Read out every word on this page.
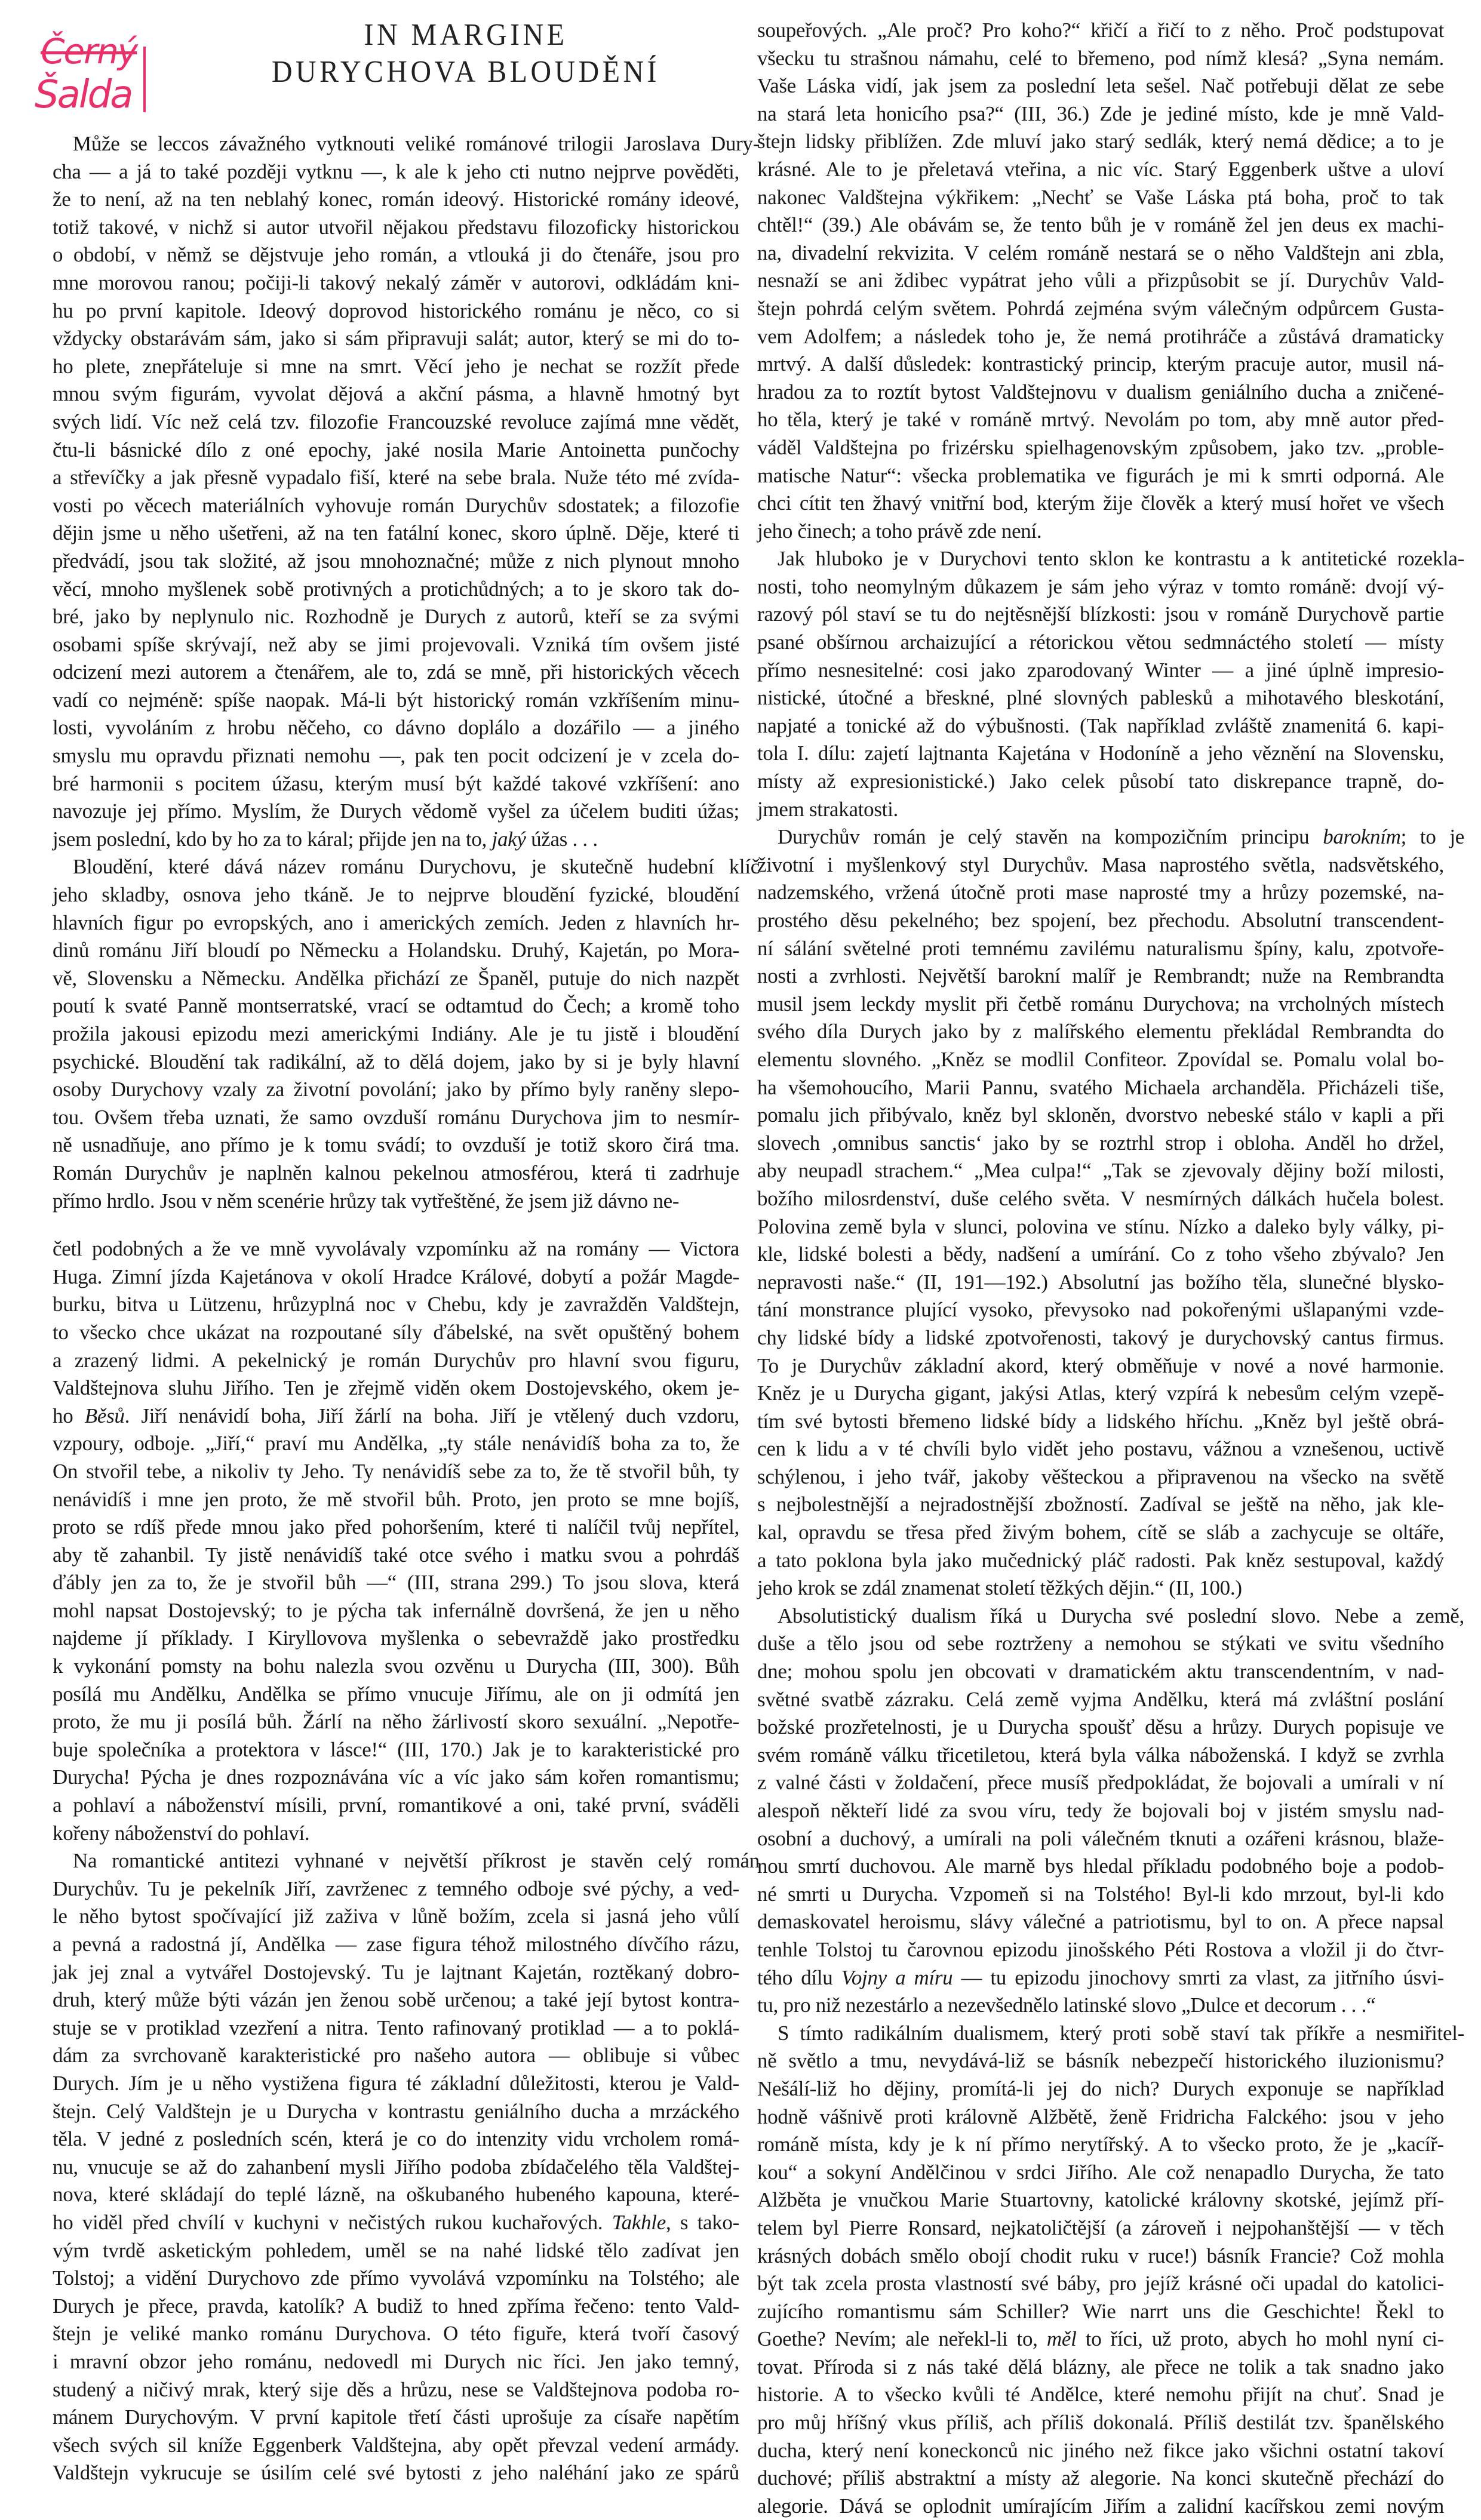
Černý
Šalda
IN MARGINE
DURYCHOVA BLOUDĚNÍ
Může se leccos závažného vytknouti veliké románové trilogii Jaroslava Dury-
cha — a já to také později vytknu —, k ale k jeho cti nutno nejprve pověděti,
že to není, až na ten neblahý konec, román ideový. Historické romány ideové,
totiž takové, v nichž si autor utvořil nějakou představu filozoficky historickou
o období, v němž se dějstvuje jeho román, a vtlouká ji do čtenáře, jsou pro
mne morovou ranou; počiji-li takový nekalý záměr v autorovi, odkládám kni-
hu po první kapitole. Ideový doprovod historického románu je něco, co si
vždycky obstarávám sám, jako si sám připravuji salát; autor, který se mi do to-
ho plete, znepřáteluje si mne na smrt. Věcí jeho je nechat se rozžít přede
mnou svým figurám, vyvolat dějová a akční pásma, a hlavně hmotný byt
svých lidí. Víc než celá tzv. filozofie Francouzské revoluce zajímá mne vědět,
čtu-li básnické dílo z oné epochy, jaké nosila Marie Antoinetta punčochy
a střevíčky a jak přesně vypadalo fiší, které na sebe brala. Nuže této mé zvída-
vosti po věcech materiálních vyhovuje román Durychův sdostatek; a filozofie
dějin jsme u něho ušetřeni, až na ten fatální konec, skoro úplně. Děje, které ti
předvádí, jsou tak složité, až jsou mnohoznačné; může z nich plynout mnoho
věcí, mnoho myšlenek sobě protivných a protichůdných; a to je skoro tak do-
bré, jako by neplynulo nic. Rozhodně je Durych z autorů, kteří se za svými
osobami spíše skrývají, než aby se jimi projevovali. Vzniká tím ovšem jisté
odcizení mezi autorem a čtenářem, ale to, zdá se mně, při historických věcech
vadí co nejméně: spíše naopak. Má-li být historický román vzkříšením minu-
losti, vyvoláním z hrobu něčeho, co dávno doplálo a dozářilo — a jiného
smyslu mu opravdu přiznati nemohu —, pak ten pocit odcizení je v zcela do-
bré harmonii s pocitem úžasu, kterým musí být každé takové vzkříšení: ano
navozuje jej přímo. Myslím, že Durych vědomě vyšel za účelem buditi úžas;
jsem poslední, kdo by ho za to káral; přijde jen na to, jaký úžas . . .
Bloudění, které dává název románu Durychovu, je skutečně hudební klíč
jeho skladby, osnova jeho tkáně. Je to nejprve bloudění fyzické, bloudění
hlavních figur po evropských, ano i amerických zemích. Jeden z hlavních hr-
dinů románu Jiří bloudí po Německu a Holandsku. Druhý, Kajetán, po Mora-
vě, Slovensku a Německu. Andělka přichází ze Španěl, putuje do nich nazpět
poutí k svaté Panně montserratské, vrací se odtamtud do Čech; a kromě toho
prožila jakousi epizodu mezi americkými Indiány. Ale je tu jistě i bloudění
psychické. Bloudění tak radikální, až to dělá dojem, jako by si je byly hlavní
osoby Durychovy vzaly za životní povolání; jako by přímo byly raněny slepo-
tou. Ovšem třeba uznati, že samo ovzduší románu Durychova jim to nesmír-
ně usnadňuje, ano přímo je k tomu svádí; to ovzduší je totiž skoro čirá tma.
Román Durychův je naplněn kalnou pekelnou atmosférou, která ti zadrhuje
přímo hrdlo. Jsou v něm scenérie hrůzy tak vytřeštěné, že jsem již dávno ne-
četl podobných a že ve mně vyvolávaly vzpomínku až na romány — Victora
Huga. Zimní jízda Kajetánova v okolí Hradce Králové, dobytí a požár Magde-
burku, bitva u Lützenu, hrůzyplná noc v Chebu, kdy je zavražděn Valdštejn,
to všecko chce ukázat na rozpoutané síly ďábelské, na svět opuštěný bohem
a zrazený lidmi. A pekelnický je román Durychův pro hlavní svou figuru,
Valdštejnova sluhu Jiřího. Ten je zřejmě viděn okem Dostojevského, okem je-
ho Běsů. Jiří nenávidí boha, Jiří žárlí na boha. Jiří je vtělený duch vzdoru,
vzpoury, odboje. „Jiří,“ praví mu Andělka, „ty stále nenávidíš boha za to, že
On stvořil tebe, a nikoliv ty Jeho. Ty nenávidíš sebe za to, že tě stvořil bůh, ty
nenávidíš i mne jen proto, že mě stvořil bůh. Proto, jen proto se mne bojíš,
proto se rdíš přede mnou jako před pohoršením, které ti nalíčil tvůj nepřítel,
aby tě zahanbil. Ty jistě nenávidíš také otce svého i matku svou a pohrdáš
ďábly jen za to, že je stvořil bůh —“ (III, strana 299.) To jsou slova, která
mohl napsat Dostojevský; to je pýcha tak infernálně dovršená, že jen u něho
najdeme jí příklady. I Kiryllovova myšlenka o sebevraždě jako prostředku
k vykonání pomsty na bohu nalezla svou ozvěnu u Durycha (III, 300). Bůh
posílá mu Andělku, Andělka se přímo vnucuje Jiřímu, ale on ji odmítá jen
proto, že mu ji posílá bůh. Žárlí na něho žárlivostí skoro sexuální. „Nepotře-
buje společníka a protektora v lásce!“ (III, 170.) Jak je to karakteristické pro
Durycha! Pýcha je dnes rozpoznávána víc a víc jako sám kořen romantismu;
a pohlaví a náboženství mísili, první, romantikové a oni, také první, sváděli
kořeny náboženství do pohlaví.
Na romantické antitezi vyhnané v největší příkrost je stavěn celý román
Durychův. Tu je pekelník Jiří, zavrženec z temného odboje své pýchy, a ved-
le něho bytost spočívající již zaživa v lůně božím, zcela si jasná jeho vůlí
a pevná a radostná jí, Andělka — zase figura téhož milostného dívčího rázu,
jak jej znal a vytvářel Dostojevský. Tu je lajtnant Kajetán, roztěkaný dobro-
druh, který může býti vázán jen ženou sobě určenou; a také její bytost kontra-
stuje se v protiklad vzezření a nitra. Tento rafinovaný protiklad — a to poklá-
dám za svrchovaně karakteristické pro našeho autora — oblibuje si vůbec
Durych. Jím je u něho vystižena figura té základní důležitosti, kterou je Vald-
štejn. Celý Valdštejn je u Durycha v kontrastu geniálního ducha a mrzáckého
těla. V jedné z posledních scén, která je co do intenzity vidu vrcholem romá-
nu, vnucuje se až do zahanbení mysli Jiřího podoba zbídačelého těla Valdštej-
nova, které skládají do teplé lázně, na oškubaného hubeného kapouna, které-
ho viděl před chvílí v kuchyni v nečistých rukou kuchařových. Takhle, s tako-
vým tvrdě asketickým pohledem, uměl se na nahé lidské tělo zadívat jen
Tolstoj; a vidění Durychovo zde přímo vyvolává vzpomínku na Tolstého; ale
Durych je přece, pravda, katolík? A budiž to hned zpříma řečeno: tento Vald-
štejn je veliké manko románu Durychova. O této figuře, která tvoří časový
i mravní obzor jeho románu, nedovedl mi Durych nic říci. Jen jako temný,
studený a ničivý mrak, který sije děs a hrůzu, nese se Valdštejnova podoba ro-
mánem Durychovým. V první kapitole třetí části uprošuje za císaře napětím
všech svých sil kníže Eggenberk Valdštejna, aby opět převzal vedení armády.
Valdštejn vykrucuje se úsilím celé své bytosti z jeho naléhání jako ze spárů
soupeřových. „Ale proč? Pro koho?“ křičí a řičí to z něho. Proč podstupovat
všecku tu strašnou námahu, celé to břemeno, pod nímž klesá? „Syna nemám.
Vaše Láska vidí, jak jsem za poslední leta sešel. Nač potřebuji dělat ze sebe
na stará leta honicího psa?“ (III, 36.) Zde je jediné místo, kde je mně Vald-
štejn lidsky přiblížen. Zde mluví jako starý sedlák, který nemá dědice; a to je
krásné. Ale to je přeletavá vteřina, a nic víc. Starý Eggenberk uštve a uloví
nakonec Valdštejna výkřikem: „Nechť se Vaše Láska ptá boha, proč to tak
chtěl!“ (39.) Ale obávám se, že tento bůh je v románě žel jen deus ex machi-
na, divadelní rekvizita. V celém románě nestará se o něho Valdštejn ani zbla,
nesnaží se ani ždibec vypátrat jeho vůli a přizpůsobit se jí. Durychův Vald-
štejn pohrdá celým světem. Pohrdá zejména svým válečným odpůrcem Gusta-
vem Adolfem; a následek toho je, že nemá protihráče a zůstává dramaticky
mrtvý. A další důsledek: kontrastický princip, kterým pracuje autor, musil ná-
hradou za to roztít bytost Valdštejnovu v dualism geniálního ducha a zničené-
ho těla, který je také v románě mrtvý. Nevolám po tom, aby mně autor před-
váděl Valdštejna po frizérsku spielhagenovským způsobem, jako tzv. „proble-
matische Natur“: všecka problematika ve figurách je mi k smrti odporná. Ale
chci cítit ten žhavý vnitřní bod, kterým žije člověk a který musí hořet ve všech
jeho činech; a toho právě zde není.
Jak hluboko je v Durychovi tento sklon ke kontrastu a k antitetické rozekla-
nosti, toho neomylným důkazem je sám jeho výraz v tomto románě: dvojí vý-
razový pól staví se tu do nejtěsnější blízkosti: jsou v románě Durychově partie
psané obšírnou archaizující a rétorickou větou sedmnáctého století — místy
přímo nesnesitelné: cosi jako zparodovaný Winter — a jiné úplně impresio-
nistické, útočné a břeskné, plné slovných pablesků a mihotavého bleskotání,
napjaté a tonické až do výbušnosti. (Tak například zvláště znamenitá 6. kapi-
tola I. dílu: zajetí lajtnanta Kajetána v Hodoníně a jeho věznění na Slovensku,
místy až expresionistické.) Jako celek působí tato diskrepance trapně, do-
jmem strakatosti.
Durychův román je celý stavěn na kompozičním principu barokním; to je
životní i myšlenkový styl Durychův. Masa naprostého světla, nadsvětského,
nadzemského, vržená útočně proti mase naprosté tmy a hrůzy pozemské, na-
prostého děsu pekelného; bez spojení, bez přechodu. Absolutní transcendent-
ní sálání světelné proti temnému zavilému naturalismu špíny, kalu, zpotvoře-
nosti a zvrhlosti. Největší barokní malíř je Rembrandt; nuže na Rembrandta
musil jsem leckdy myslit při četbě románu Durychova; na vrcholných místech
svého díla Durych jako by z malířského elementu překládal Rembrandta do
elementu slovného. „Kněz se modlil Confiteor. Zpovídal se. Pomalu volal bo-
ha všemohoucího, Marii Pannu, svatého Michaela archanděla. Přicházeli tiše,
pomalu jich přibývalo, kněz byl skloněn, dvorstvo nebeské stálo v kapli a při
slovech ‚omnibus sanctis‘ jako by se roztrhl strop i obloha. Anděl ho držel,
aby neupadl strachem.“ „Mea culpa!“ „Tak se zjevovaly dějiny boží milosti,
božího milosrdenství, duše celého světa. V nesmírných dálkách hučela bolest.
Polovina země byla v slunci, polovina ve stínu. Nízko a daleko byly války, pi-
kle, lidské bolesti a bědy, nadšení a umírání. Co z toho všeho zbývalo? Jen
nepravosti naše.“ (II, 191—192.) Absolutní jas božího těla, slunečné blysko-
tání monstrance plující vysoko, převysoko nad pokořenými ušlapanými vzde-
chy lidské bídy a lidské zpotvořenosti, takový je durychovský cantus firmus.
To je Durychův základní akord, který obměňuje v nové a nové harmonie.
Kněz je u Durycha gigant, jakýsi Atlas, který vzpírá k nebesům celým vzepě-
tím své bytosti břemeno lidské bídy a lidského hříchu. „Kněz byl ještě obrá-
cen k lidu a v té chvíli bylo vidět jeho postavu, vážnou a vznešenou, uctivě
schýlenou, i jeho tvář, jakoby věšteckou a připravenou na všecko na světě
s nejbolestnější a nejradostnější zbožností. Zadíval se ještě na něho, jak kle-
kal, opravdu se třesa před živým bohem, cítě se sláb a zachycuje se oltáře,
a tato poklona byla jako mučednický pláč radosti. Pak kněz sestupoval, každý
jeho krok se zdál znamenat století těžkých dějin.“ (II, 100.)
Absolutistický dualism říká u Durycha své poslední slovo. Nebe a země,
duše a tělo jsou od sebe roztrženy a nemohou se stýkati ve svitu všedního
dne; mohou spolu jen obcovati v dramatickém aktu transcendentním, v nad-
světné svatbě zázraku. Celá země vyjma Andělku, která má zvláštní poslání
božské prozřetelnosti, je u Durycha spoušť děsu a hrůzy. Durych popisuje ve
svém románě válku třicetiletou, která byla válka náboženská. I když se zvrhla
z valné části v žoldačení, přece musíš předpokládat, že bojovali a umírali v ní
alespoň někteří lidé za svou víru, tedy že bojovali boj v jistém smyslu nad-
osobní a duchový, a umírali na poli válečném tknuti a ozářeni krásnou, blaže-
nou smrtí duchovou. Ale marně bys hledal příkladu podobného boje a podob-
né smrti u Durycha. Vzpomeň si na Tolstého! Byl-li kdo mrzout, byl-li kdo
demaskovatel heroismu, slávy válečné a patriotismu, byl to on. A přece napsal
tenhle Tolstoj tu čarovnou epizodu jinošského Péti Rostova a vložil ji do čtvr-
tého dílu Vojny a míru — tu epizodu jinochovy smrti za vlast, za jitřního úsvi-
tu, pro niž nezestárlo a nezevšednělo latinské slovo „Dulce et decorum . . .“
S tímto radikálním dualismem, který proti sobě staví tak příkře a nesmiřitel-
ně světlo a tmu, nevydává-liž se básník nebezpečí historického iluzionismu?
Nešálí-liž ho dějiny, promítá-li jej do nich? Durych exponuje se například
hodně vášnivě proti královně Alžbětě, ženě Fridricha Falckého: jsou v jeho
románě místa, kdy je k ní přímo nerytířský. A to všecko proto, že je „kacíř-
kou“ a sokyní Andělčinou v srdci Jiřího. Ale což nenapadlo Durycha, že tato
Alžběta je vnučkou Marie Stuartovny, katolické královny skotské, jejímž pří-
telem byl Pierre Ronsard, nejkatoličtější (a zároveň i nejpohanštější — v těch
krásných dobách smělo obojí chodit ruku v ruce!) básník Francie? Což mohla
být tak zcela prosta vlastností své báby, pro jejíž krásné oči upadal do katolici-
zujícího romantismu sám Schiller? Wie narrt uns die Geschichte! Řekl to
Goethe? Nevím; ale neřekl-li to, měl to říci, už proto, abych ho mohl nyní ci-
tovat. Příroda si z nás také dělá blázny, ale přece ne tolik a tak snadno jako
historie. A to všecko kvůli té Andělce, které nemohu přijít na chuť. Snad je
pro můj hříšný vkus příliš, ach příliš dokonalá. Příliš destilát tzv. španělského
ducha, který není koneckonců nic jiného než fikce jako všichni ostatní takoví
duchové; příliš abstraktní a místy až alegorie. Na konci skutečně přechází do
alegorie. Dává se oplodnit umírajícím Jiřím a zalidní kacířskou zemi novým
